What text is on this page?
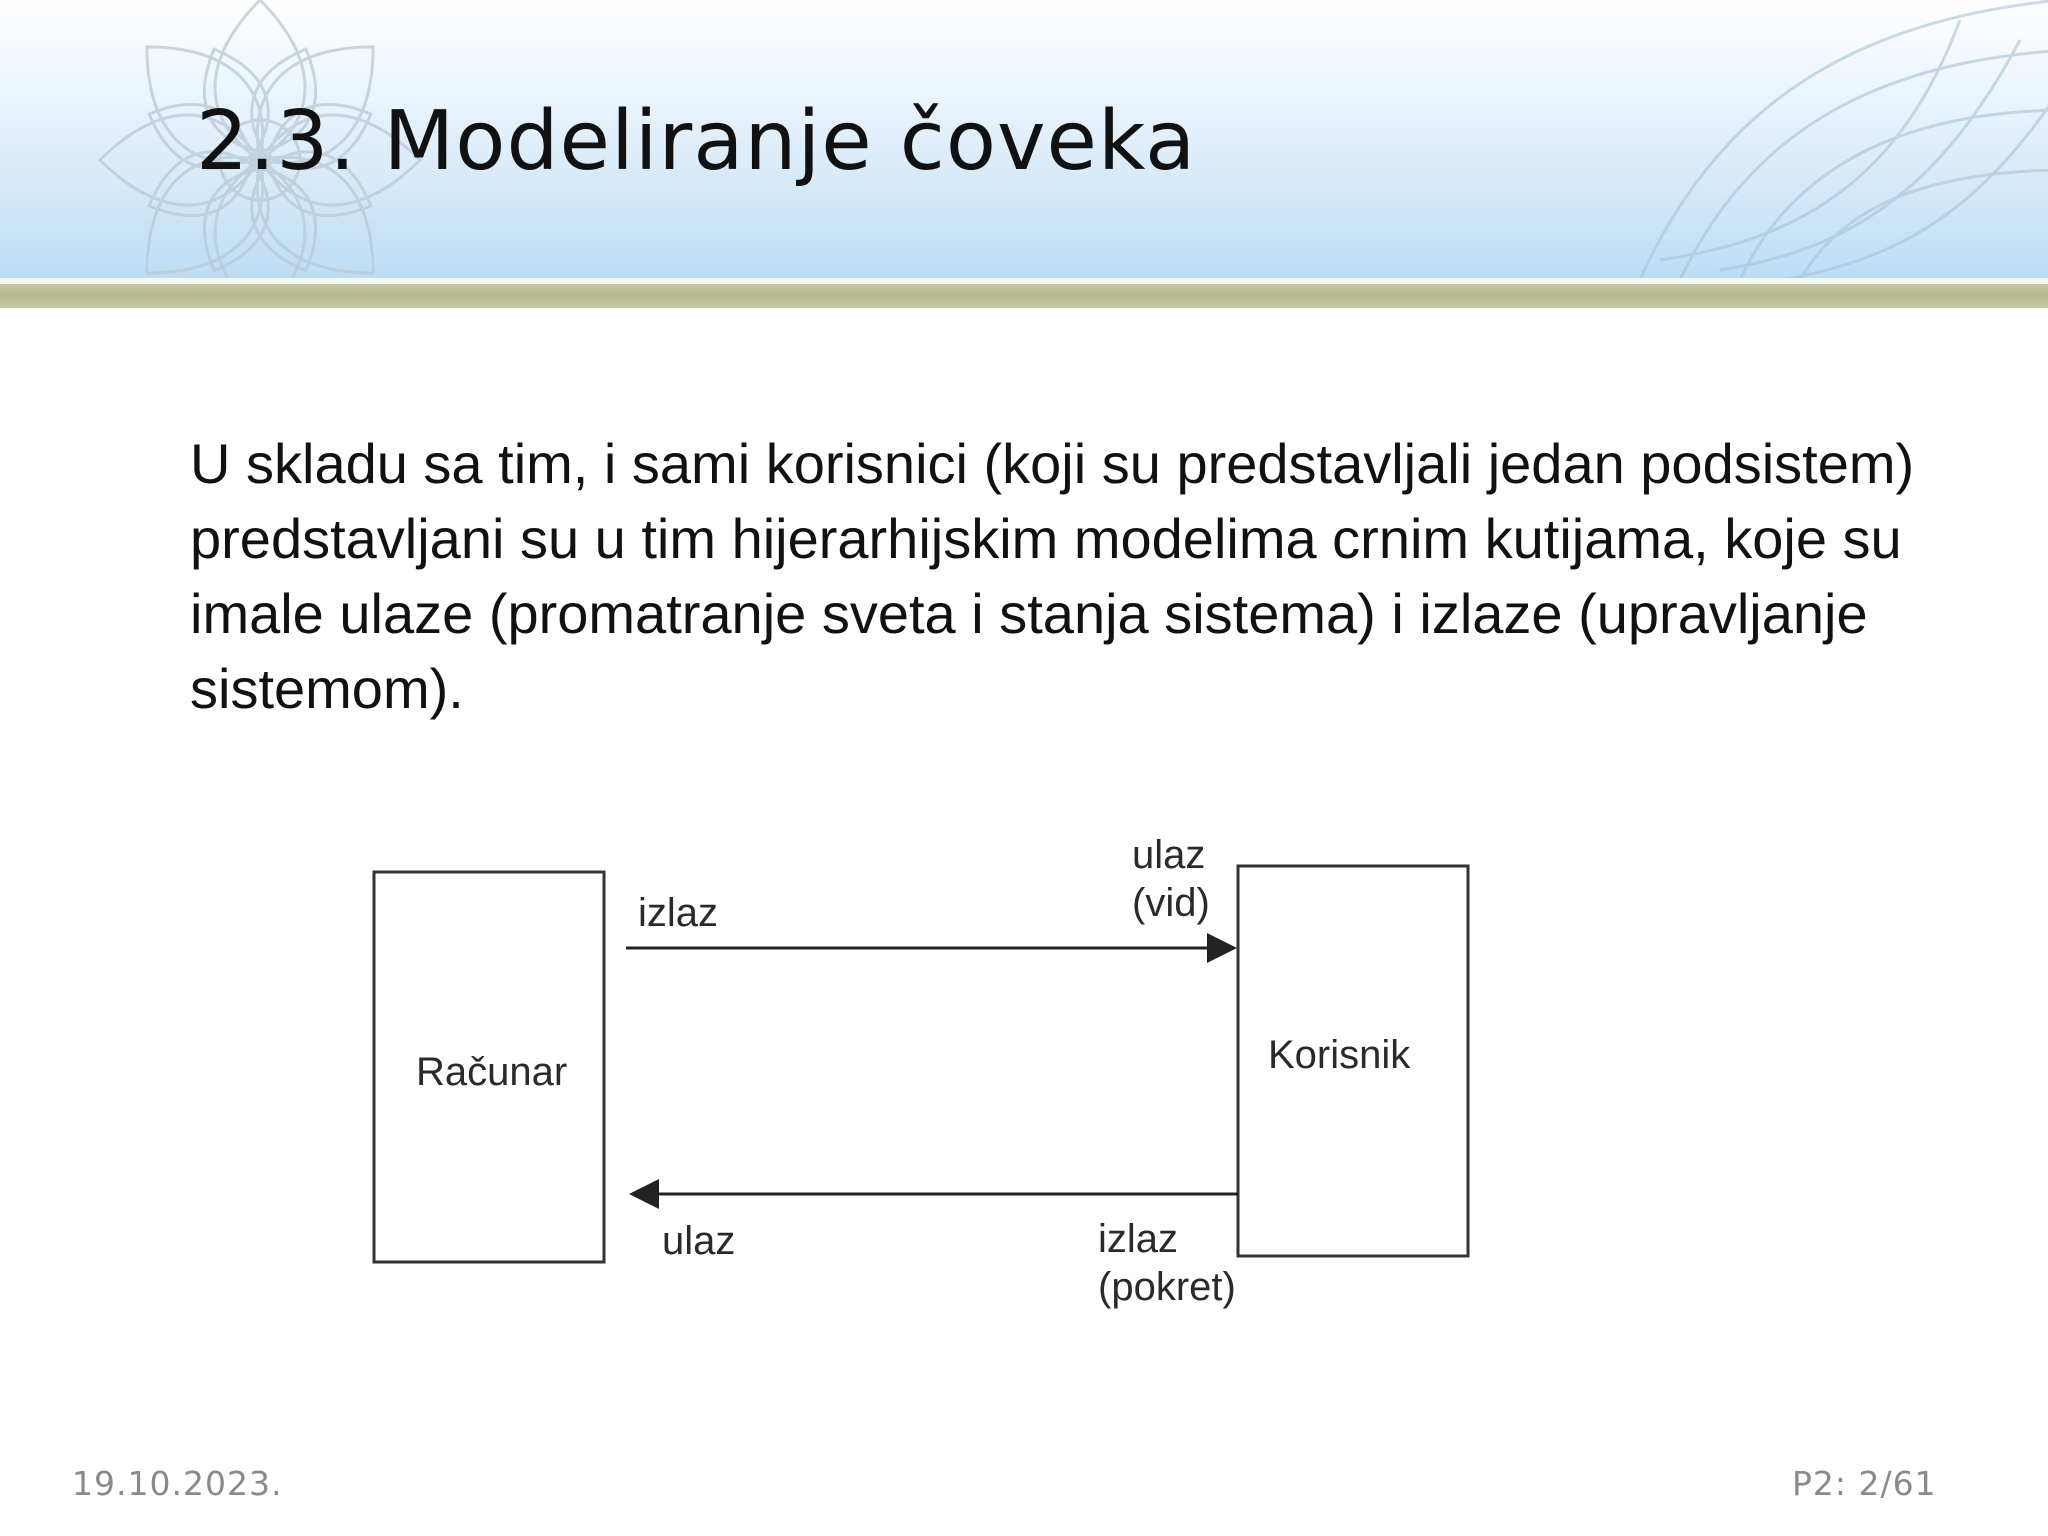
2.3. Modeliranje čoveka

U skladu sa tim, i sami korisnici (koji su predstavljali jedan podsistem) predstavljani su u tim hijerarhijskim modelima crnim kutijama, koje su imale ulaze (promatranje sveta i stanja sistema) i izlaze (upravljanje sistemom).

Računar	Korisnik
izlaz
ulaz
(vid)
ulaz	izlaz
(pokret)
19.10.2023.	P2: 2/61
